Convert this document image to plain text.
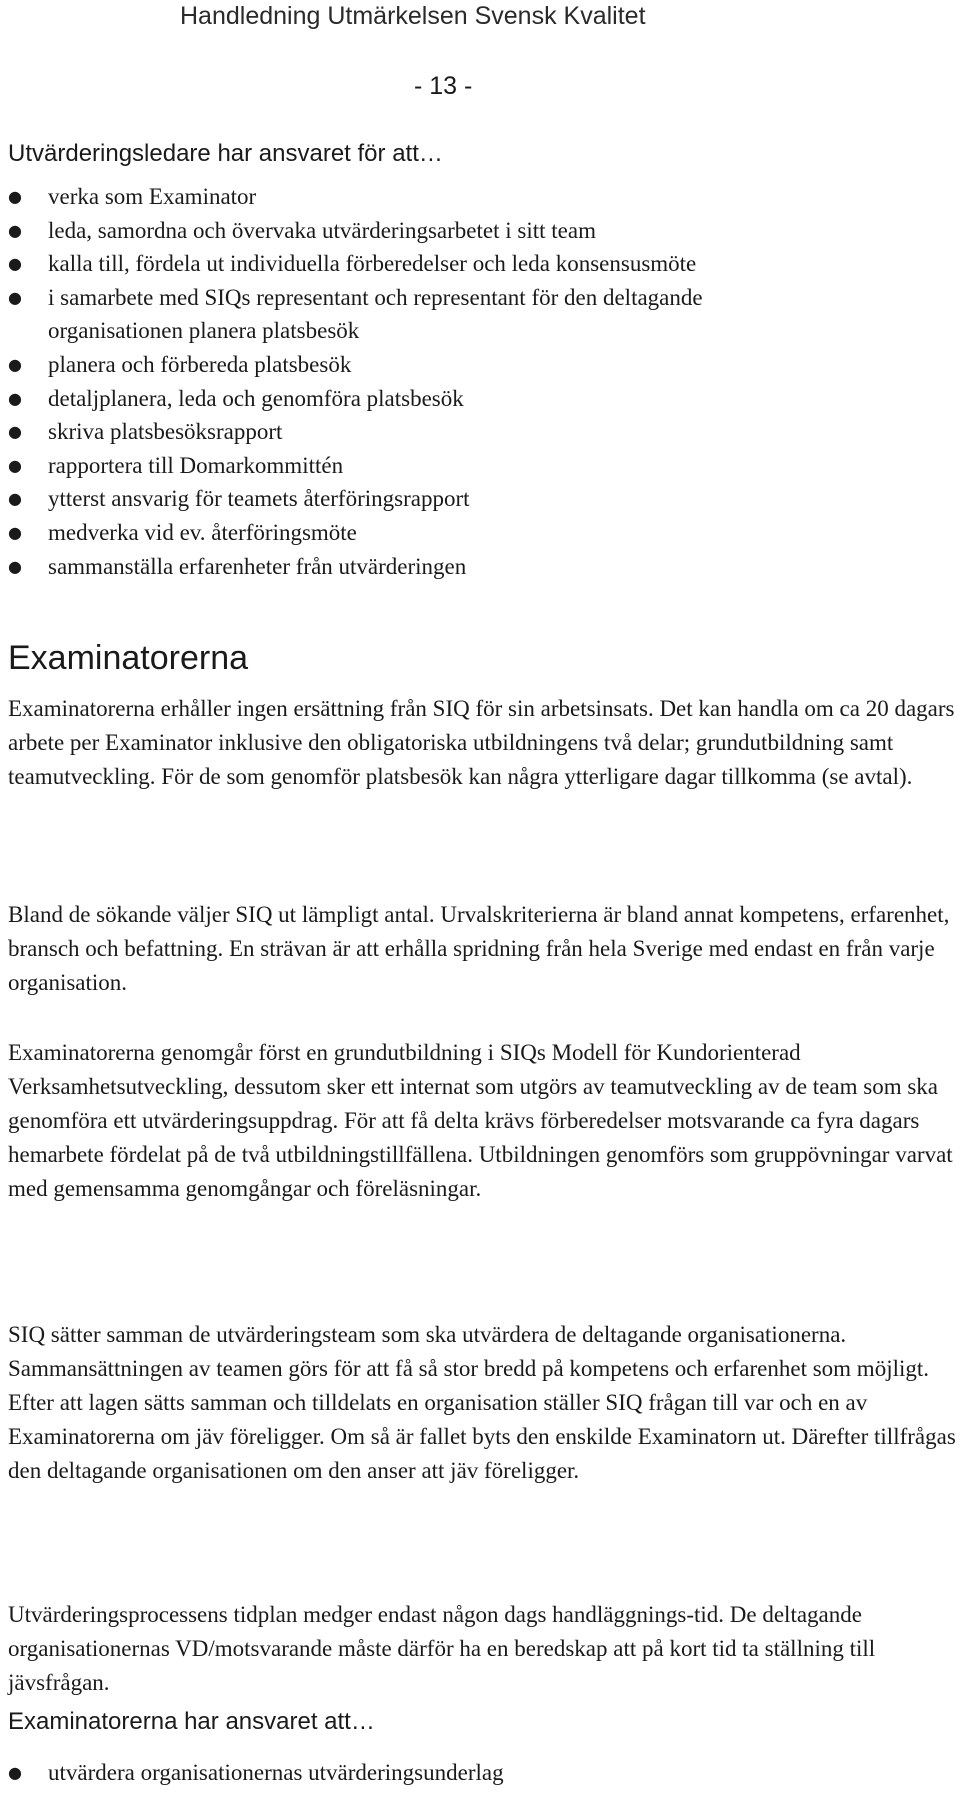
Handledning Utmärkelsen Svensk Kvalitet
- 13 -
Utvärderingsledare har ansvaret för att…
● verka som Examinator
● leda, samordna och övervaka utvärderingsarbetet i sitt team
● kalla till, fördela ut individuella förberedelser och leda konsensusmöte
● i samarbete med SIQs representant och representant för den deltagande
organisationen planera platsbesök
● planera och förbereda platsbesök
● detaljplanera, leda och genomföra platsbesök
● skriva platsbesöksrapport
● rapportera till Domarkommittén
● ytterst ansvarig för teamets återföringsrapport
● medverka vid ev. återföringsmöte
● sammanställa erfarenheter från utvärderingen
Examinatorerna

Examinatorerna erhåller ingen ersättning från SIQ för sin arbetsinsats. Det kan handla om ca 20 dagars arbete per Examinator inklusive den obligatoriska utbildningens två delar; grundutbildning samt teamutveckling. För de som genomför platsbesök kan några ytterligare dagar tillkomma (se avtal).

Bland de sökande väljer SIQ ut lämpligt antal. Urvalskriterierna är bland annat kompetens, erfarenhet, bransch och befattning. En strävan är att erhålla spridning från hela Sverige med endast en från varje organisation.

Examinatorerna genomgår först en grundutbildning i SIQs Modell för Kundorienterad Verksamhetsutveckling, dessutom sker ett internat som utgörs av teamutveckling av de team som ska genomföra ett utvärderingsuppdrag. För att få delta krävs förberedelser motsvarande ca fyra dagars hemarbete fördelat på de två utbildningstillfällena. Utbildningen genomförs som gruppövningar varvat med gemensamma genomgångar och föreläsningar.

SIQ sätter samman de utvärderingsteam som ska utvärdera de deltagande organisationerna. Sammansättningen av teamen görs för att få så stor bredd på kompetens och erfarenhet som möjligt. Efter att lagen sätts samman och tilldelats en organisation ställer SIQ frågan till var och en av Examinatorerna om jäv föreligger. Om så är fallet byts den enskilde Examinatorn ut. Därefter tillfrågas den deltagande organisationen om den anser att jäv föreligger.

Utvärderingsprocessens tidplan medger endast någon dags handläggnings-tid. De deltagande organisationernas VD/motsvarande måste därför ha en beredskap att på kort tid ta ställning till jävsfrågan.

Examinatorerna har ansvaret att…
● utvärdera organisationernas utvärderingsunderlag
